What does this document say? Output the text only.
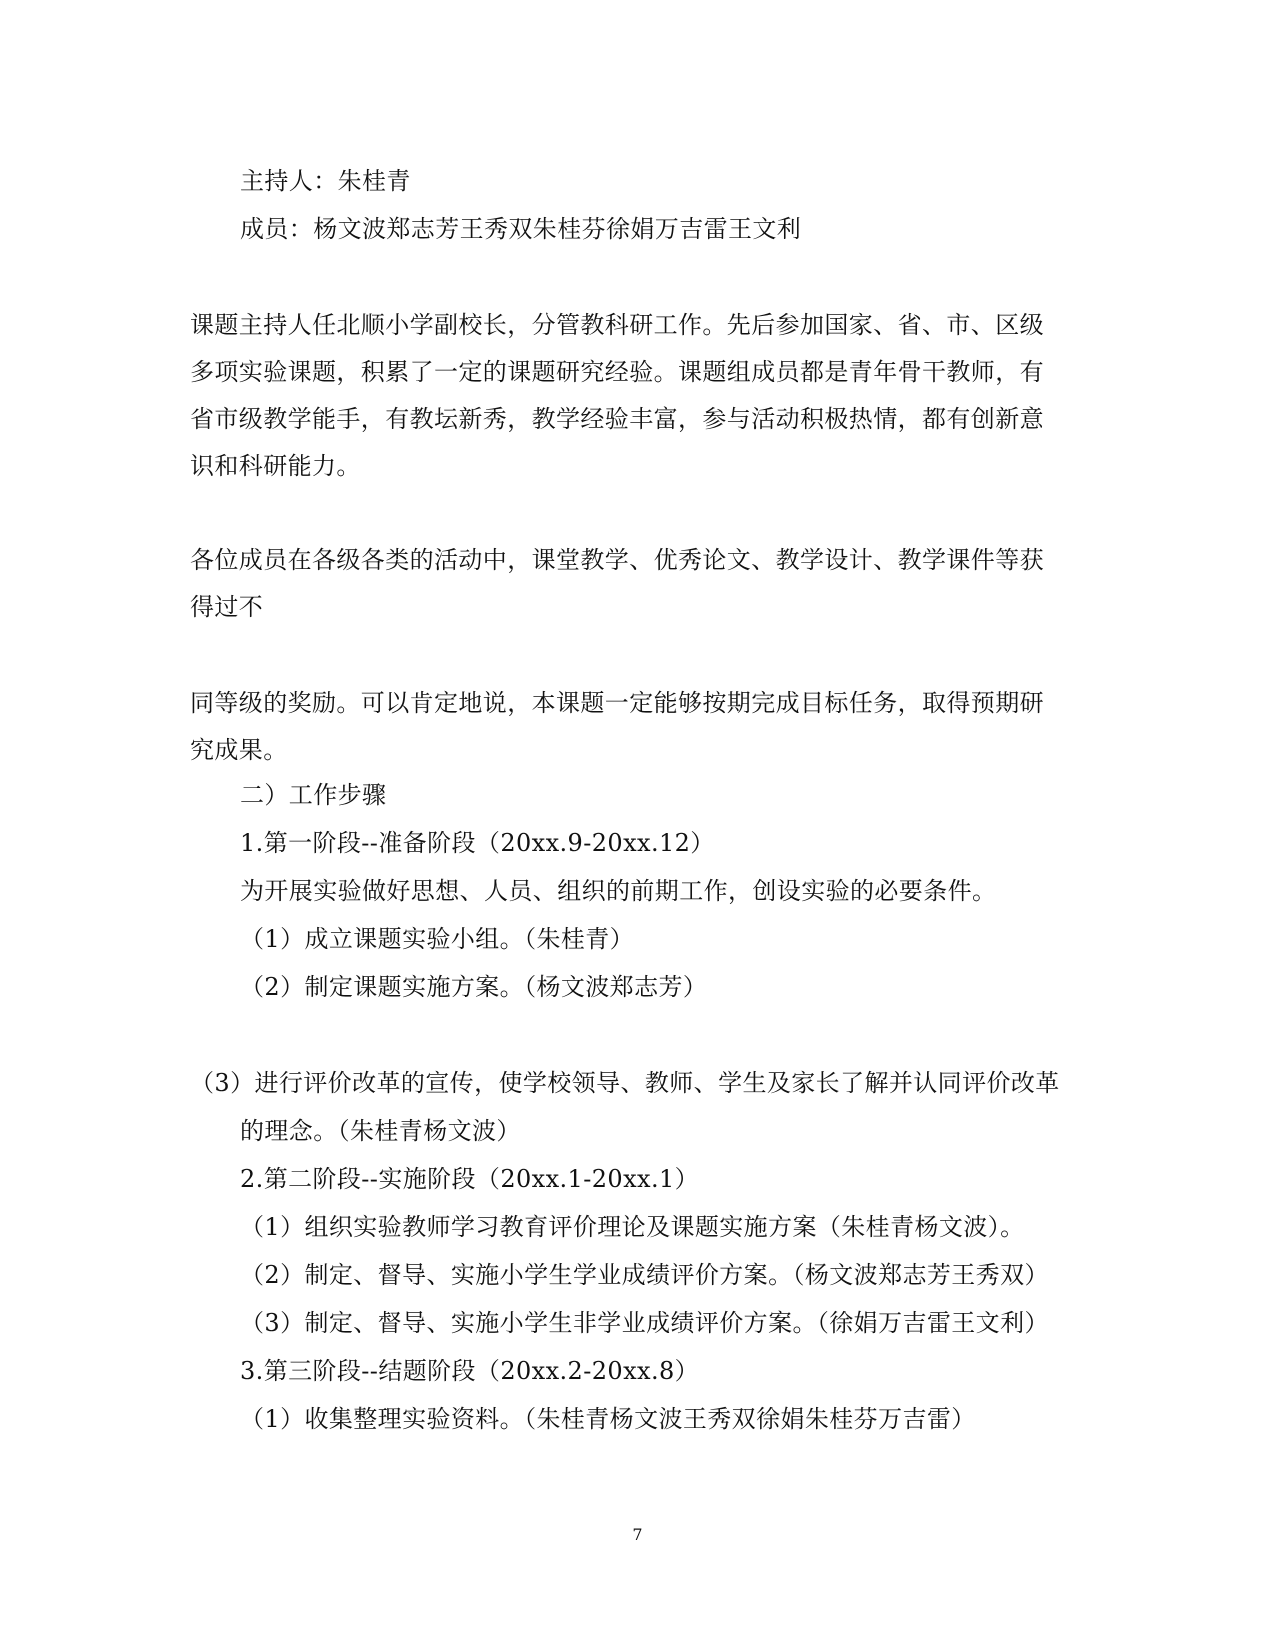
主持人：朱桂青
成员：杨文波郑志芳王秀双朱桂芬徐娟万吉雷王文利
课题主持人任北顺小学副校长，分管教科研工作。先后参加国家、省、市、区级
多项实验课题，积累了一定的课题研究经验。课题组成员都是青年骨干教师，有
省市级教学能手，有教坛新秀，教学经验丰富，参与活动积极热情，都有创新意
识和科研能力。
各位成员在各级各类的活动中，课堂教学、优秀论文、教学设计、教学课件等获
得过不
同等级的奖励。可以肯定地说，本课题一定能够按期完成目标任务，取得预期研
究成果。
二）工作步骤
1.第一阶段--准备阶段（20xx.9-20xx.12）
为开展实验做好思想、人员、组织的前期工作，创设实验的必要条件。
（1）成立课题实验小组。（朱桂青）
（2）制定课题实施方案。（杨文波郑志芳）
（3）进行评价改革的宣传，使学校领导、教师、学生及家长了解并认同评价改革
的理念。（朱桂青杨文波）
2.第二阶段--实施阶段（20xx.1-20xx.1）
（1）组织实验教师学习教育评价理论及课题实施方案（朱桂青杨文波）。
（2）制定、督导、实施小学生学业成绩评价方案。（杨文波郑志芳王秀双）
（3）制定、督导、实施小学生非学业成绩评价方案。（徐娟万吉雷王文利）
3.第三阶段--结题阶段（20xx.2-20xx.8）
（1）收集整理实验资料。（朱桂青杨文波王秀双徐娟朱桂芬万吉雷）
7
